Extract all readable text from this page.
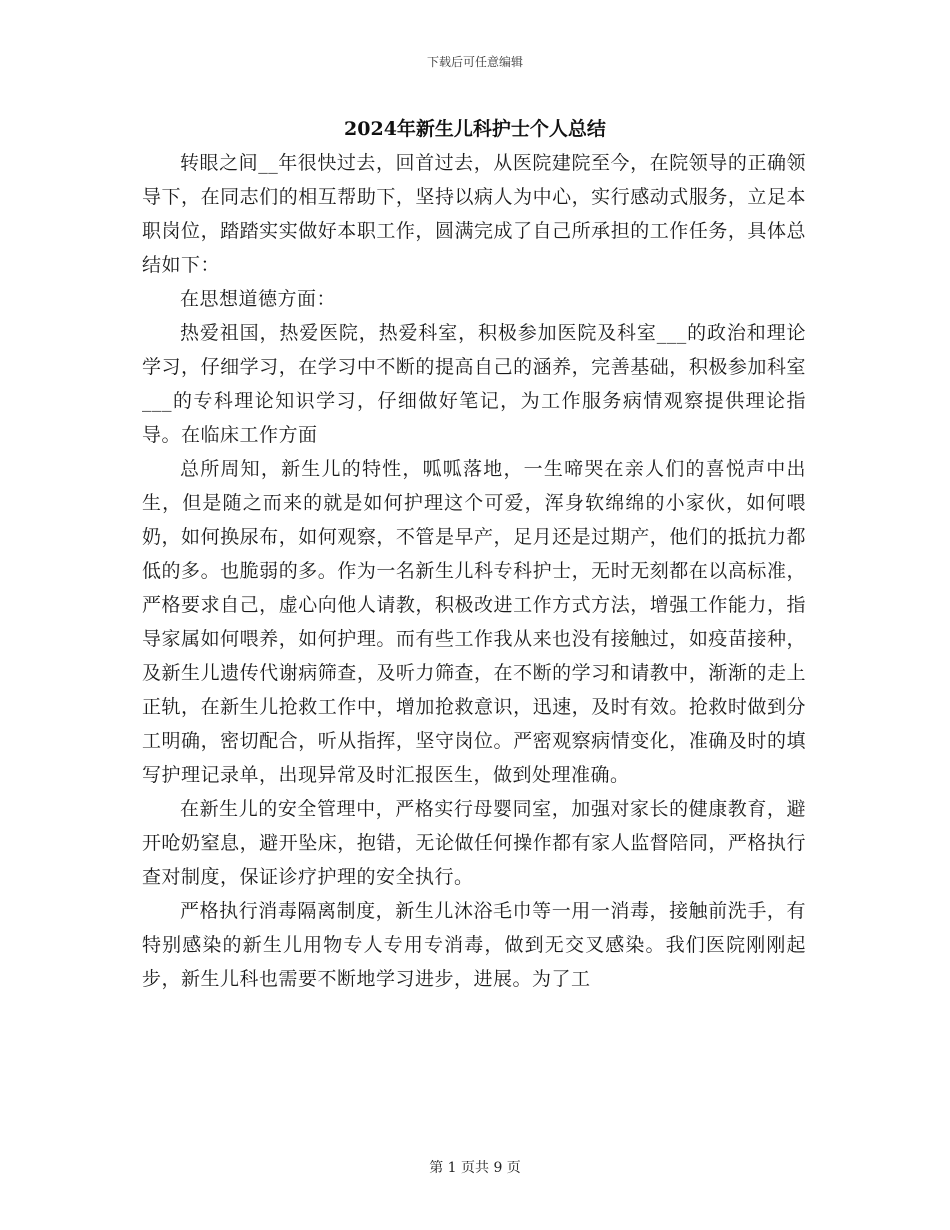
下载后可任意编辑
2024年新生儿科护士个人总结

转眼之间__年很快过去，回首过去，从医院建院至今，在院领导的正确领导下，在同志们的相互帮助下，坚持以病人为中心，实行感动式服务，立足本职岗位，踏踏实实做好本职工作，圆满完成了自己所承担的工作任务，具体总结如下：

在思想道德方面：

热爱祖国，热爱医院，热爱科室，积极参加医院及科室___的政治和理论学习，仔细学习，在学习中不断的提高自己的涵养，完善基础，积极参加科室___的专科理论知识学习，仔细做好笔记，为工作服务病情观察提供理论指导。在临床工作方面

总所周知，新生儿的特性，呱呱落地，一生啼哭在亲人们的喜悦声中出生，但是随之而来的就是如何护理这个可爱，浑身软绵绵的小家伙，如何喂奶，如何换尿布，如何观察，不管是早产，足月还是过期产，他们的抵抗力都低的多。也脆弱的多。作为一名新生儿科专科护士，无时无刻都在以高标准，严格要求自己，虚心向他人请教，积极改进工作方式方法，增强工作能力，指导家属如何喂养，如何护理。而有些工作我从来也没有接触过，如疫苗接种，及新生儿遗传代谢病筛查，及听力筛查，在不断的学习和请教中，渐渐的走上正轨，在新生儿抢救工作中，增加抢救意识，迅速，及时有效。抢救时做到分工明确，密切配合，听从指挥，坚守岗位。严密观察病情变化，准确及时的填写护理记录单，出现异常及时汇报医生，做到处理准确。

在新生儿的安全管理中，严格实行母婴同室，加强对家长的健康教育，避开呛奶窒息，避开坠床，抱错，无论做任何操作都有家人监督陪同，严格执行查对制度，保证诊疗护理的安全执行。

严格执行消毒隔离制度，新生儿沐浴毛巾等一用一消毒，接触前洗手，有特别感染的新生儿用物专人专用专消毒，做到无交叉感染。我们医院刚刚起步，新生儿科也需要不断地学习进步，进展。为了工

第 1 页共 9 页
